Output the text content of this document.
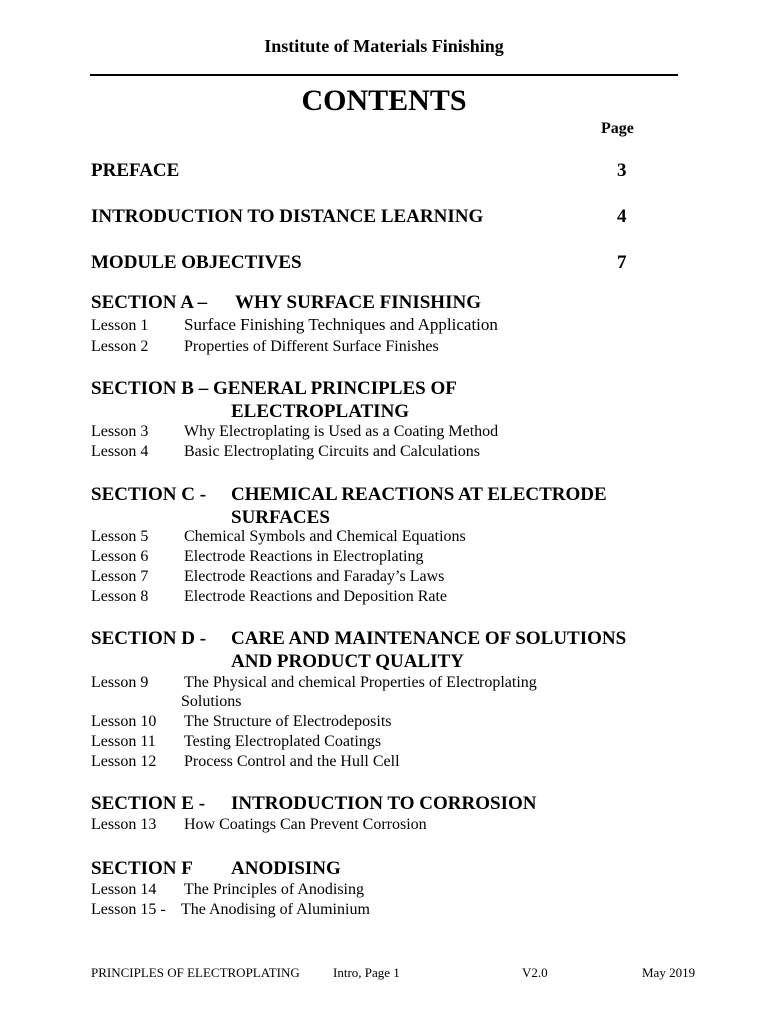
Institute of Materials Finishing
CONTENTS
Page
PREFACE	3
INTRODUCTION TO DISTANCE LEARNING	4
MODULE OBJECTIVES	7
SECTION A – WHY SURFACE FINISHING
Lesson 1 Surface Finishing Techniques and Application
Lesson 2 Properties of Different Surface Finishes
SECTION B – GENERAL PRINCIPLES OF
ELECTROPLATING
Lesson 3 Why Electroplating is Used as a Coating Method
Lesson 4 Basic Electroplating Circuits and Calculations
SECTION C - CHEMICAL REACTIONS AT ELECTRODE
SURFACES
Lesson 5 Chemical Symbols and Chemical Equations
Lesson 6 Electrode Reactions in Electroplating
Lesson 7 Electrode Reactions and Faraday’s Laws
Lesson 8 Electrode Reactions and Deposition Rate
SECTION D - CARE AND MAINTENANCE OF SOLUTIONS
AND PRODUCT QUALITY
Lesson 9 The Physical and chemical Properties of Electroplating
Solutions
Lesson 10 The Structure of Electrodeposits
Lesson 11 Testing Electroplated Coatings
Lesson 12 Process Control and the Hull Cell
SECTION E - INTRODUCTION TO CORROSION
Lesson 13 How Coatings Can Prevent Corrosion
SECTION F ANODISING
Lesson 14 The Principles of Anodising
Lesson 15 - The Anodising of Aluminium
PRINCIPLES OF ELECTROPLATING	Intro, Page 1	V2.0	May 2019
